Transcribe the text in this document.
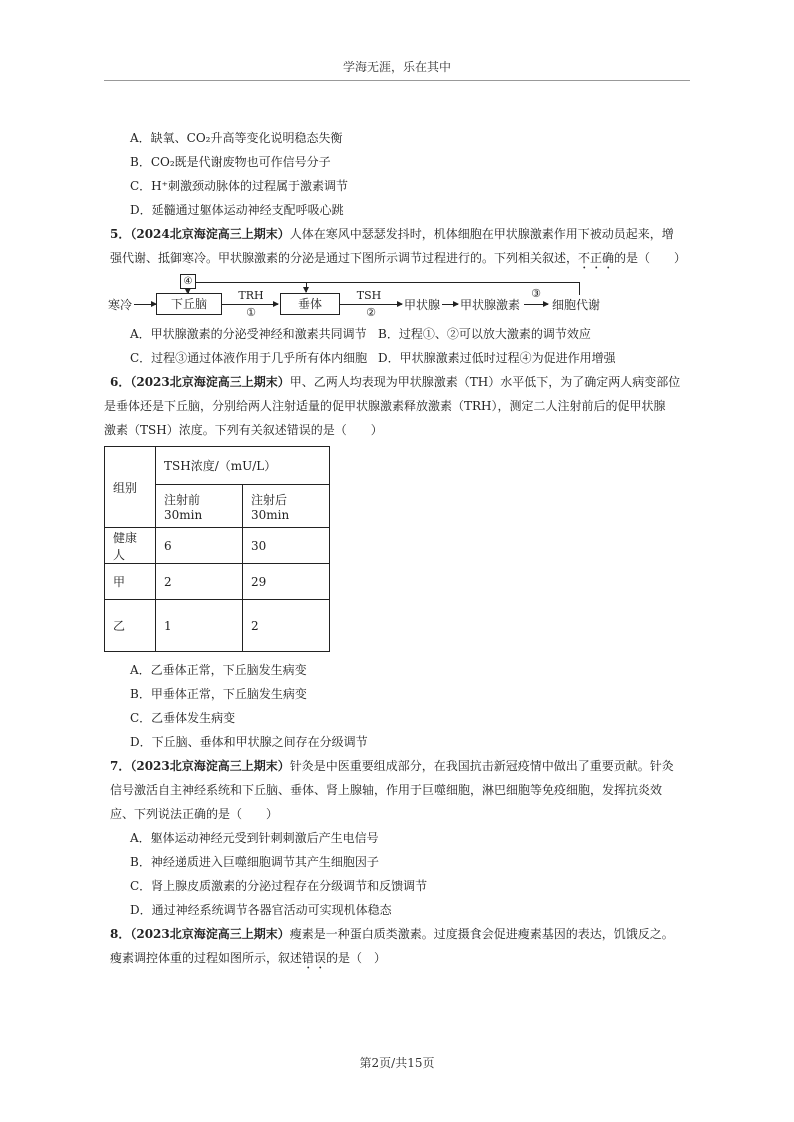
学海无涯，乐在其中
A．缺氧、CO₂升高等变化说明稳态失衡
B．CO₂既是代谢废物也可作信号分子
C．H⁺刺激颈动脉体的过程属于激素调节
D．延髓通过躯体运动神经支配呼吸心跳
5．（2024北京海淀高三上期末）人体在寒风中瑟瑟发抖时，机体细胞在甲状腺激素作用下被动员起来，增
强代谢、抵御寒冷。甲状腺激素的分泌是通过下图所示调节过程进行的。下列相关叙述，不正确的是（　　）
④
寒冷	下丘脑
TRH
①
垂体
TSH
②
甲状腺 甲状腺激素
③
细胞代谢
A．甲状腺激素的分泌受神经和激素共同调节 B．过程①、②可以放大激素的调节效应
C．过程③通过体液作用于几乎所有体内细胞 D．甲状腺激素过低时过程④为促进作用增强
6．（2023北京海淀高三上期末）甲、乙两人均表现为甲状腺激素（TH）水平低下，为了确定两人病变部位
是垂体还是下丘脑，分别给两人注射适量的促甲状腺激素释放激素（TRH），测定二人注射前后的促甲状腺
激素（TSH）浓度。下列有关叙述错误的是（　　）
组别	TSH浓度/（mU/L）	
	注射前30min	注射后30min
健康人	6	30
甲	2	29
乙	1	2
A．乙垂体正常，下丘脑发生病变
B．甲垂体正常，下丘脑发生病变
C．乙垂体发生病变
D．下丘脑、垂体和甲状腺之间存在分级调节
7．（2023北京海淀高三上期末）针灸是中医重要组成部分，在我国抗击新冠疫情中做出了重要贡献。针灸
信号激活自主神经系统和下丘脑、垂体、肾上腺轴，作用于巨噬细胞，淋巴细胞等免疫细胞，发挥抗炎效
应、下列说法正确的是（　　）
A．躯体运动神经元受到针刺刺激后产生电信号
B．神经递质进入巨噬细胞调节其产生细胞因子
C．肾上腺皮质激素的分泌过程存在分级调节和反馈调节
D．通过神经系统调节各器官活动可实现机体稳态
8．（2023北京海淀高三上期末）瘦素是一种蛋白质类激素。过度摄食会促进瘦素基因的表达，饥饿反之。
瘦素调控体重的过程如图所示，叙述错误的是（　）
第2页/共15页
